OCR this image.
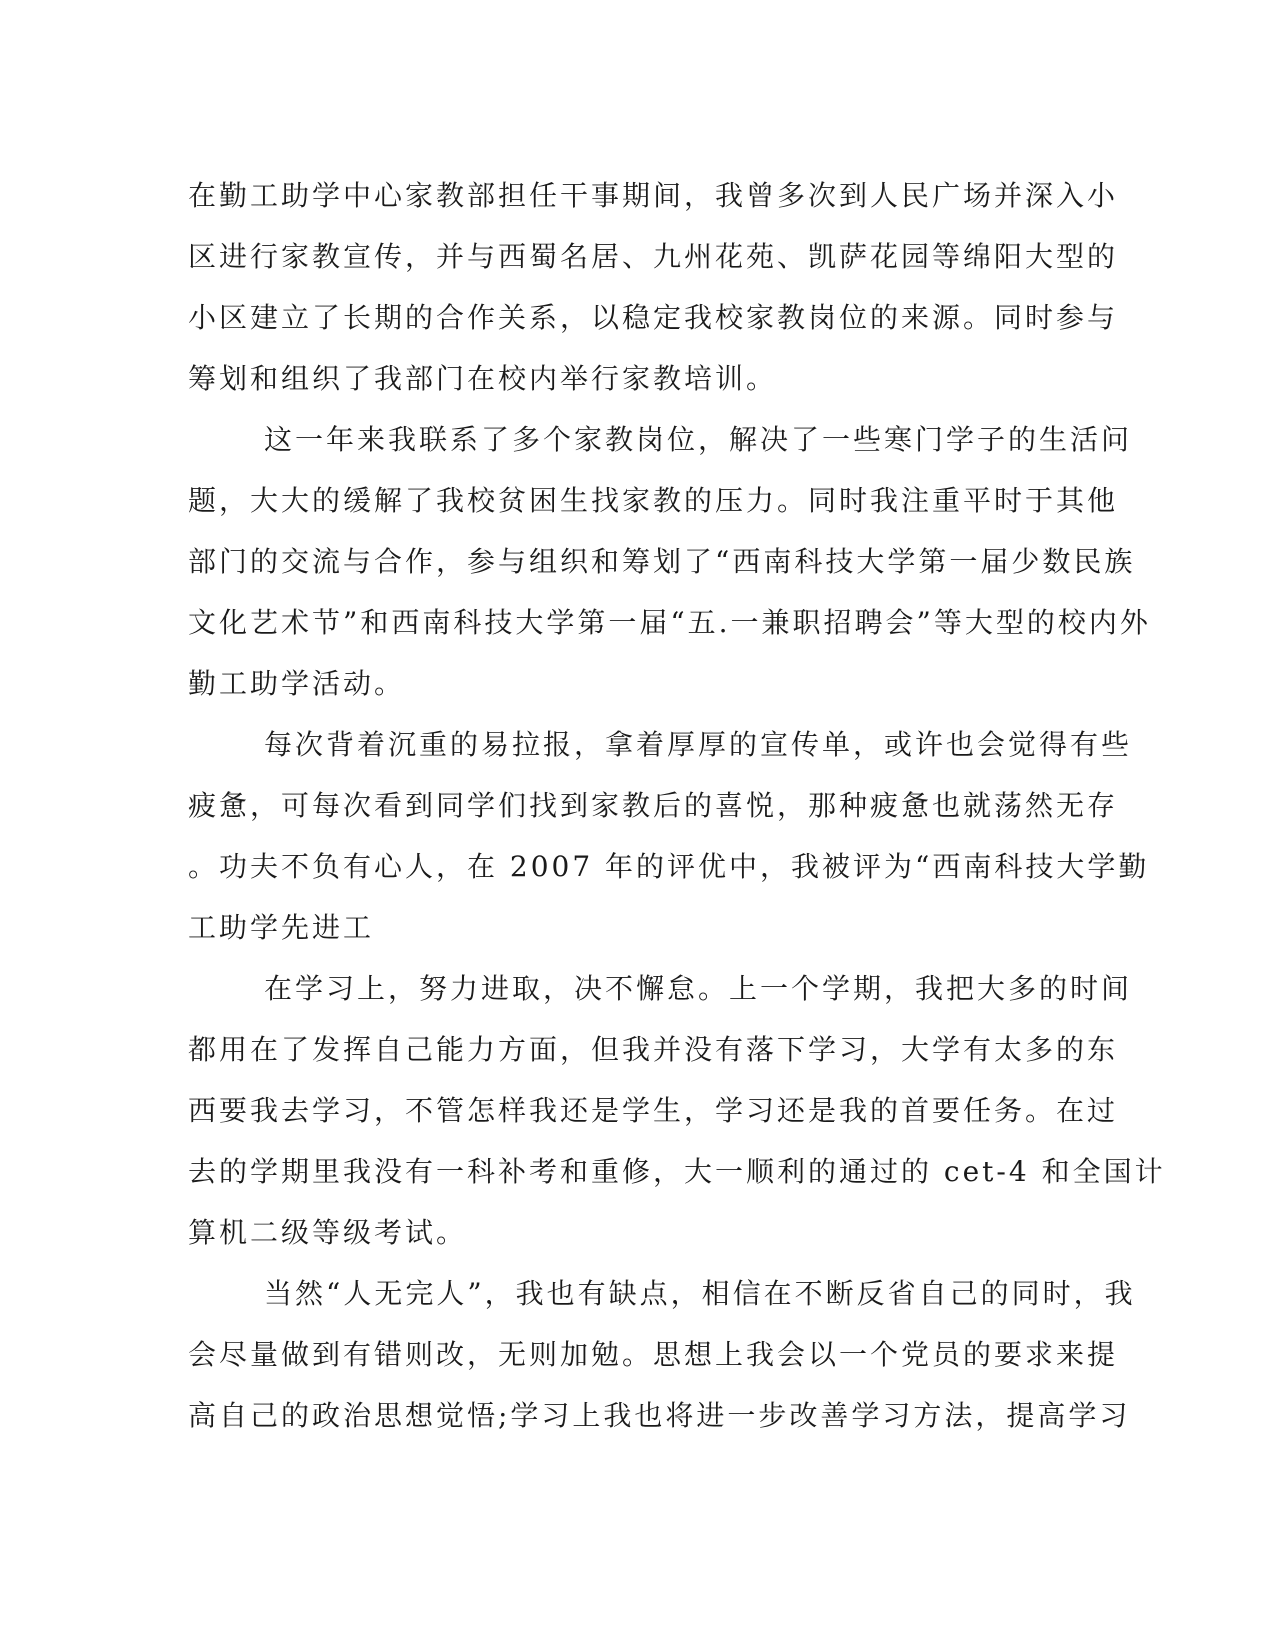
在勤工助学中心家教部担任干事期间，我曾多次到人民广场并深入小
区进行家教宣传，并与西蜀名居、九州花苑、凯萨花园等绵阳大型的
小区建立了长期的合作关系，以稳定我校家教岗位的来源。同时参与
筹划和组织了我部门在校内举行家教培训。
这一年来我联系了多个家教岗位，解决了一些寒门学子的生活问
题，大大的缓解了我校贫困生找家教的压力。同时我注重平时于其他
部门的交流与合作，参与组织和筹划了“西南科技大学第一届少数民族
文化艺术节”和西南科技大学第一届“五.一兼职招聘会”等大型的校内外
勤工助学活动。
每次背着沉重的易拉报，拿着厚厚的宣传单，或许也会觉得有些
疲惫，可每次看到同学们找到家教后的喜悦，那种疲惫也就荡然无存
。功夫不负有心人，在 2007 年的评优中，我被评为“西南科技大学勤
工助学先进工
在学习上，努力进取，决不懈怠。上一个学期，我把大多的时间
都用在了发挥自己能力方面，但我并没有落下学习，大学有太多的东
西要我去学习，不管怎样我还是学生，学习还是我的首要任务。在过
去的学期里我没有一科补考和重修，大一顺利的通过的 cet-4 和全国计
算机二级等级考试。
当然“人无完人”，我也有缺点，相信在不断反省自己的同时，我
会尽量做到有错则改，无则加勉。思想上我会以一个党员的要求来提
高自己的政治思想觉悟;学习上我也将进一步改善学习方法，提高学习
